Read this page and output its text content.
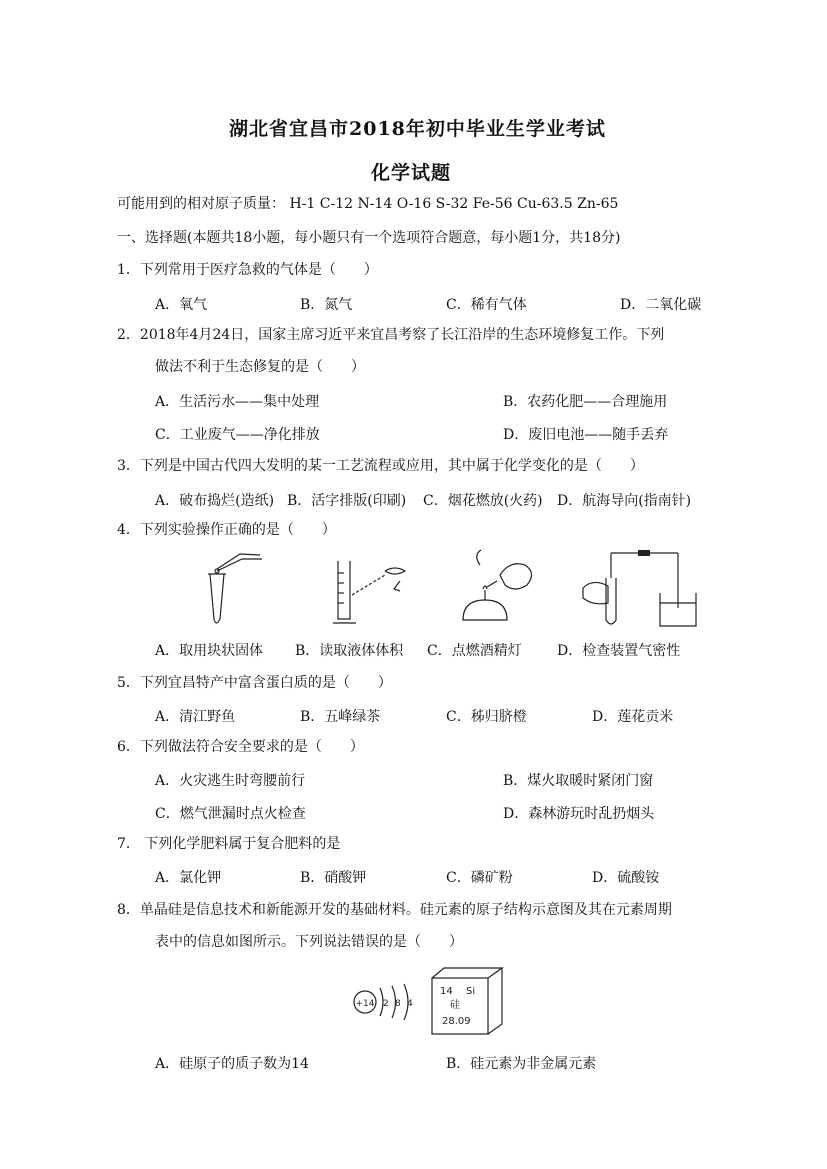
湖北省宜昌市2018年初中毕业生学业考试
化学试题
可能用到的相对原子质量： H-1 C-12 N-14 O-16 S-32 Fe-56 Cu-63.5 Zn-65
一、选择题(本题共18小题，每小题只有一个选项符合题意，每小题1分，共18分)
1．下列常用于医疗急救的气体是（　　）
A．氧气	B．氮气	C．稀有气体	D．二氧化碳
2．2018年4月24日，国家主席习近平来宜昌考察了长江沿岸的生态环境修复工作。下列
做法不利于生态修复的是（　　）
A．生活污水——集中处理	B．农药化肥——合理施用
C．工业废气——净化排放	D．废旧电池——随手丢弃
3．下列是中国古代四大发明的某一工艺流程或应用，其中属于化学变化的是（　　）
A．破布捣烂(造纸) B．活字排版(印刷) C．烟花燃放(火药) D．航海导向(指南针)
4．下列实验操作正确的是（　　）
A．取用块状固体 B．读取液体体积 C．点燃酒精灯	D．检查装置气密性
5．下列宜昌特产中富含蛋白质的是（　　）
A．清江野鱼	B．五峰绿茶	C．秭归脐橙	D．莲花贡米
6．下列做法符合安全要求的是（　　）
A．火灾逃生时弯腰前行	B．煤火取暖时紧闭门窗
C．燃气泄漏时点火检查	D．森林游玩时乱扔烟头
7． 下列化学肥料属于复合肥料的是
A．氯化钾	B．硝酸钾	C．磷矿粉	D．硫酸铵
8．单晶硅是信息技术和新能源开发的基础材料。硅元素的原子结构示意图及其在元素周期
表中的信息如图所示。下列说法错误的是（　　）
+14 2 8 4
14 Si
硅
28.09
A．硅原子的质子数为14	B．硅元素为非金属元素
